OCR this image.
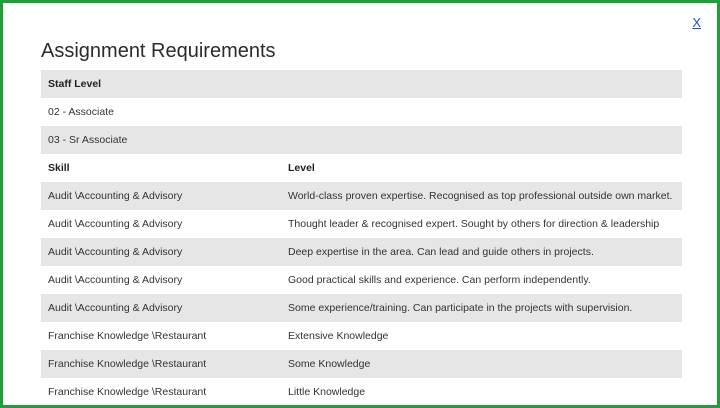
X
Assignment Requirements
Staff Level	
02 - Associate	
03 - Sr Associate	
Skill	Level
Audit \Accounting & Advisory	World-class proven expertise. Recognised as top professional outside own market.
Audit \Accounting & Advisory	Thought leader & recognised expert. Sought by others for direction & leadership
Audit \Accounting & Advisory	Deep expertise in the area. Can lead and guide others in projects.
Audit \Accounting & Advisory	Good practical skills and experience. Can perform independently.
Audit \Accounting & Advisory	Some experience/training. Can participate in the projects with supervision.
Franchise Knowledge \Restaurant	Extensive Knowledge
Franchise Knowledge \Restaurant	Some Knowledge
Franchise Knowledge \Restaurant	Little Knowledge
